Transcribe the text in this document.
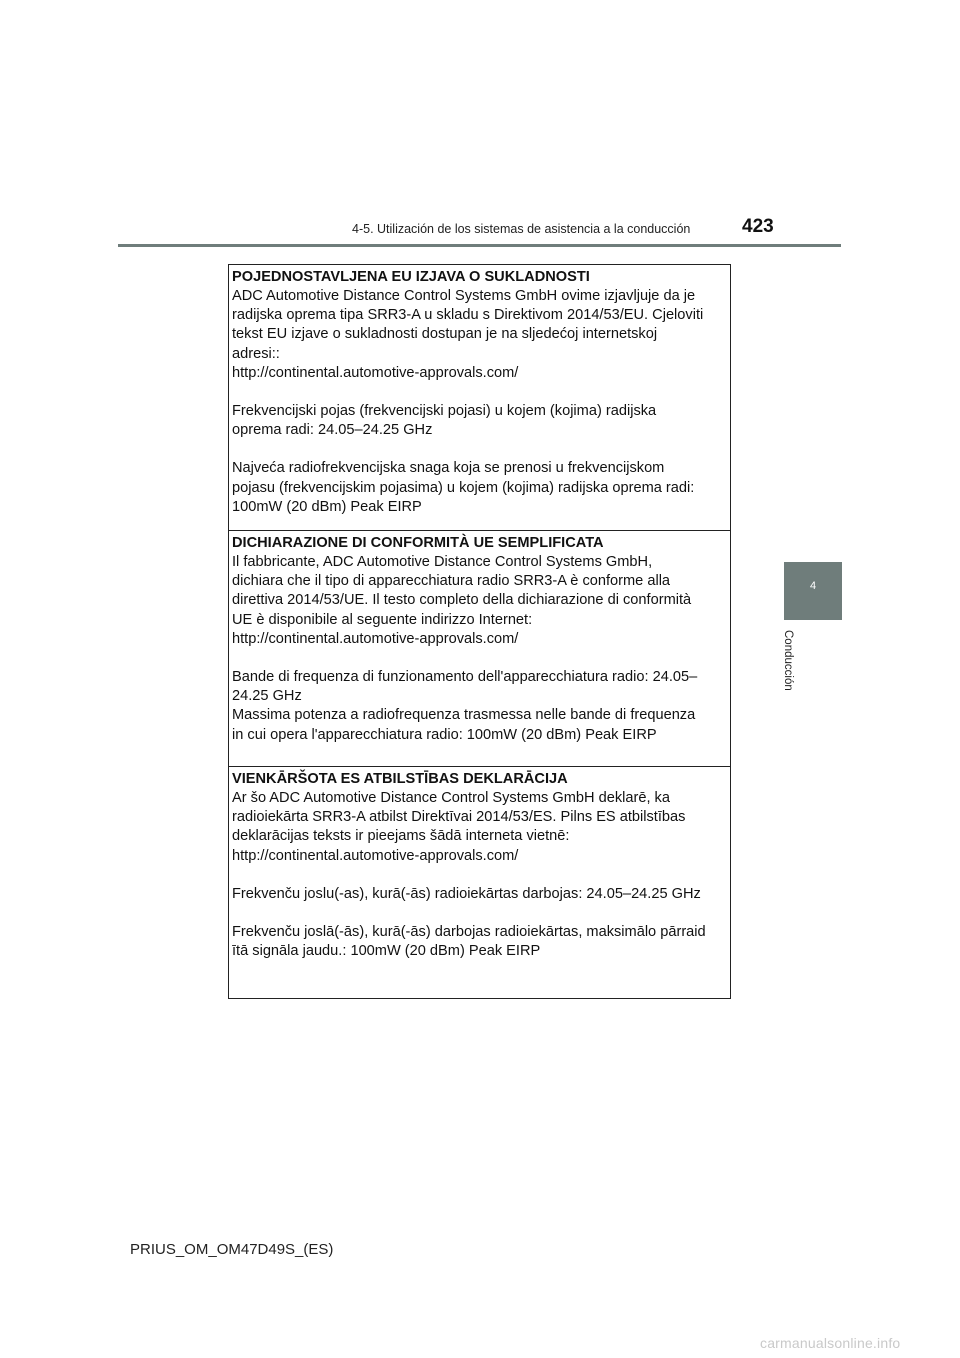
4-5. Utilización de los sistemas de asistencia a la conducción	423
4
Conducción
POJEDNOSTAVLJENA EU IZJAVA O SUKLADNOSTI

ADC Automotive Distance Control Systems GmbH ovime izjavljuje da je

radijska oprema tipa SRR3-A u skladu s Direktivom 2014/53/EU. Cjeloviti

tekst EU izjave o sukladnosti dostupan je na sljedećoj internetskoj

adresi::

http://continental.automotive-approvals.com/

Frekvencijski pojas (frekvencijski pojasi) u kojem (kojima) radijska

oprema radi: 24.05–24.25 GHz

Najveća radiofrekvencijska snaga koja se prenosi u frekvencijskom

pojasu (frekvencijskim pojasima) u kojem (kojima) radijska oprema radi:

100mW (20 dBm) Peak EIRP

DICHIARAZIONE DI CONFORMITÀ UE SEMPLIFICATA

Il fabbricante, ADC Automotive Distance Control Systems GmbH,

dichiara che il tipo di apparecchiatura radio SRR3-A è conforme alla

direttiva 2014/53/UE. Il testo completo della dichiarazione di conformità

UE è disponibile al seguente indirizzo Internet:

http://continental.automotive-approvals.com/

Bande di frequenza di funzionamento dell'apparecchiatura radio: 24.05–

24.25 GHz

Massima potenza a radiofrequenza trasmessa nelle bande di frequenza

in cui opera l'apparecchiatura radio: 100mW (20 dBm) Peak EIRP

VIENKĀRŠOTA ES ATBILSTĪBAS DEKLARĀCIJA

Ar šo ADC Automotive Distance Control Systems GmbH deklarē, ka

radioiekārta SRR3-A atbilst Direktīvai 2014/53/ES. Pilns ES atbilstības

deklarācijas teksts ir pieejams šādā interneta vietnē:

http://continental.automotive-approvals.com/

Frekvenču joslu(-as), kurā(-ās) radioiekārtas darbojas: 24.05–24.25 GHz

Frekvenču joslā(-ās), kurā(-ās) darbojas radioiekārtas, maksimālo pārraid

ītā signāla jaudu.: 100mW (20 dBm) Peak EIRP

PRIUS_OM_OM47D49S_(ES)
carmanualsonline.info
